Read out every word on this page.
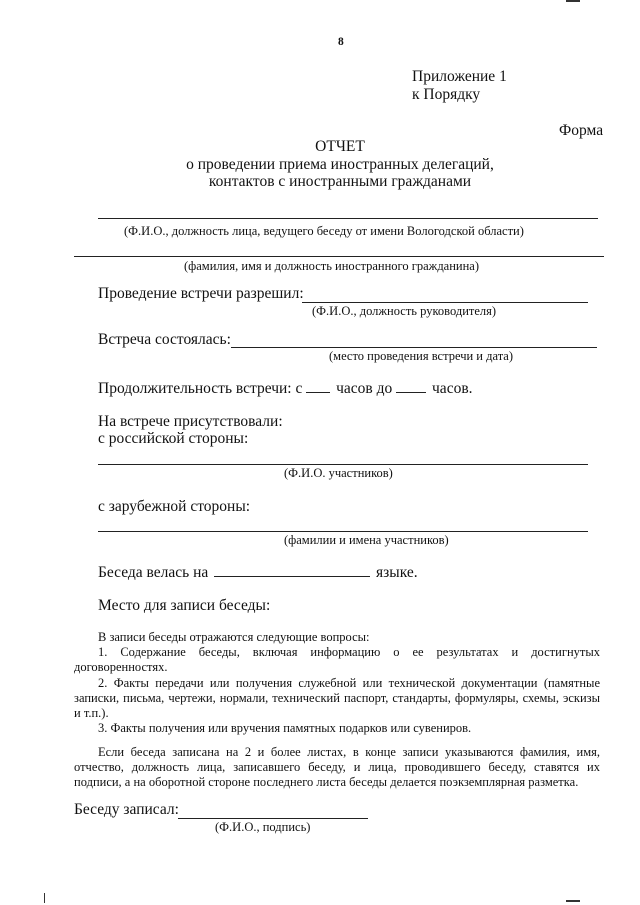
8
Приложение 1
к Порядку
Форма
ОТЧЕТ
о проведении приема иностранных делегаций,
контактов с иностранными гражданами
(Ф.И.О., должность лица, ведущего беседу от имени Вологодской области)
(фамилия, имя и должность иностранного гражданина)
Проведение встречи разрешил:
(Ф.И.О., должность руководителя)
Встреча состоялась:
(место проведения встречи и дата)
Продолжительность встречи: с часов до	часов.
На встрече присутствовали:
с российской стороны:
(Ф.И.О. участников)
с зарубежной стороны:
(фамилии и имена участников)
Беседа велась на	языке.
Место для записи беседы:
В записи беседы отражаются следующие вопросы:
1. Содержание беседы, включая информацию о ее результатах и достигнутых договоренностях.
2. Факты передачи или получения служебной или технической документации (памятные записки, письма, чертежи, нормали, технический паспорт, стандарты, формуляры, схемы, эскизы и т.п.).
3. Факты получения или вручения памятных подарков или сувениров.
Если беседа записана на 2 и более листах, в конце записи указываются фамилия, имя, отчество, должность лица, записавшего беседу, и лица, проводившего беседу, ставятся их подписи, а на оборотной стороне последнего листа беседы делается поэкземплярная разметка.
Беседу записал:
(Ф.И.О., подпись)
